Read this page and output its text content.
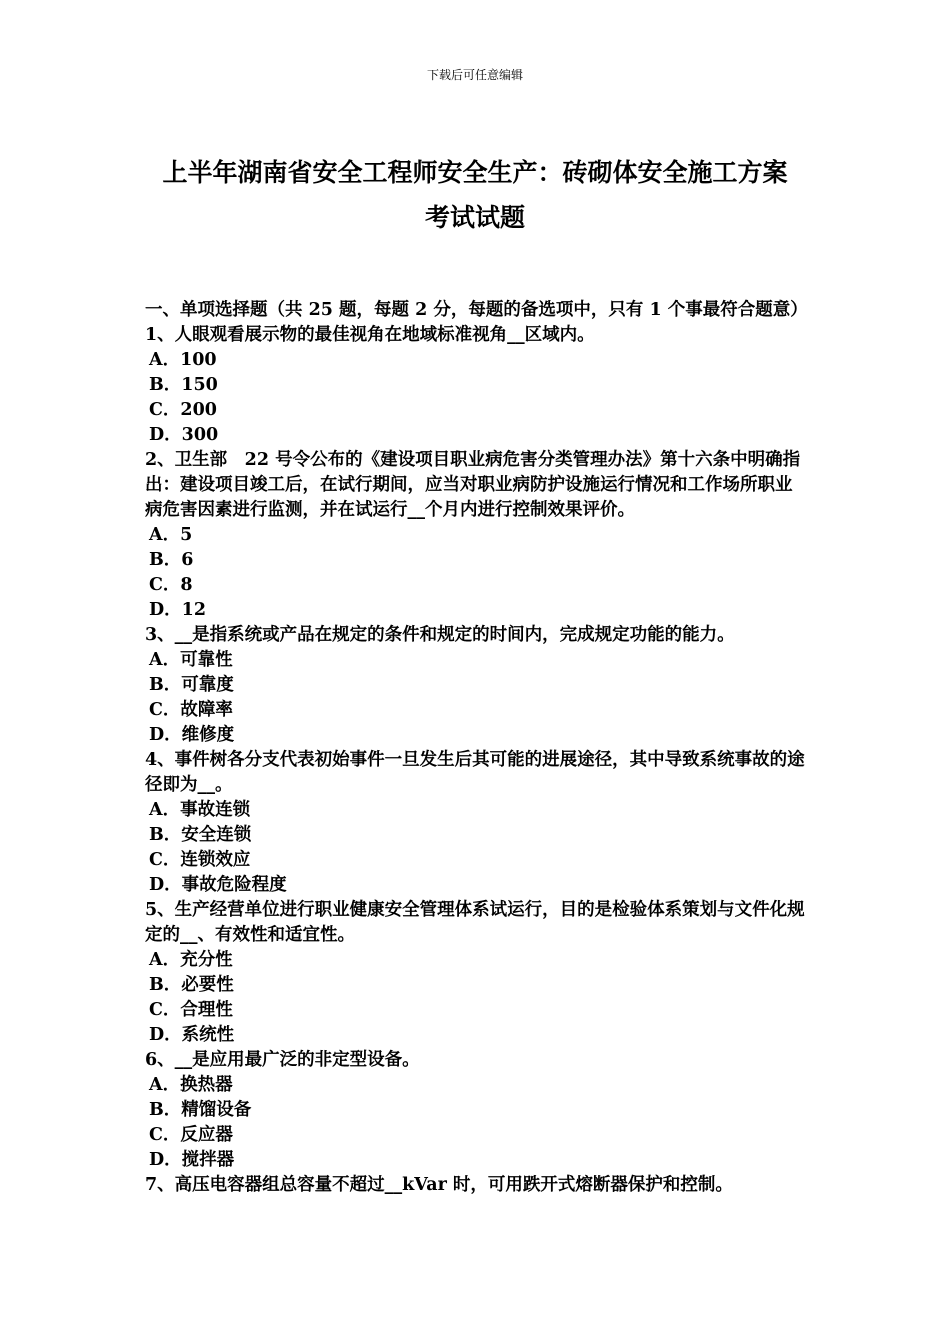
下载后可任意编辑
上半年湖南省安全工程师安全生产：砖砌体安全施工方案
考试试题

一、单项选择题（共 25 题，每题 2 分，每题的备选项中，只有 1 个事最符合题意）

1、人眼观看展示物的最佳视角在地域标准视角__区域内。

A．100

B．150

C．200

D．300

2、卫生部　22 号令公布的《建设项目职业病危害分类管理办法》第十六条中明确指出：建设项目竣工后，在试行期间，应当对职业病防护设施运行情况和工作场所职业病危害因素进行监测，并在试运行__个月内进行控制效果评价。

A．5

B．6

C．8

D．12

3、__是指系统或产品在规定的条件和规定的时间内，完成规定功能的能力。

A．可靠性

B．可靠度

C．故障率

D．维修度

4、事件树各分支代表初始事件一旦发生后其可能的进展途径，其中导致系统事故的途径即为__。

A．事故连锁

B．安全连锁

C．连锁效应

D．事故危险程度

5、生产经营单位进行职业健康安全管理体系试运行，目的是检验体系策划与文件化规定的__、有效性和适宜性。

A．充分性

B．必要性

C．合理性

D．系统性

6、__是应用最广泛的非定型设备。

A．换热器

B．精馏设备

C．反应器

D．搅拌器

7、高压电容器组总容量不超过__kVar 时，可用跌开式熔断器保护和控制。
